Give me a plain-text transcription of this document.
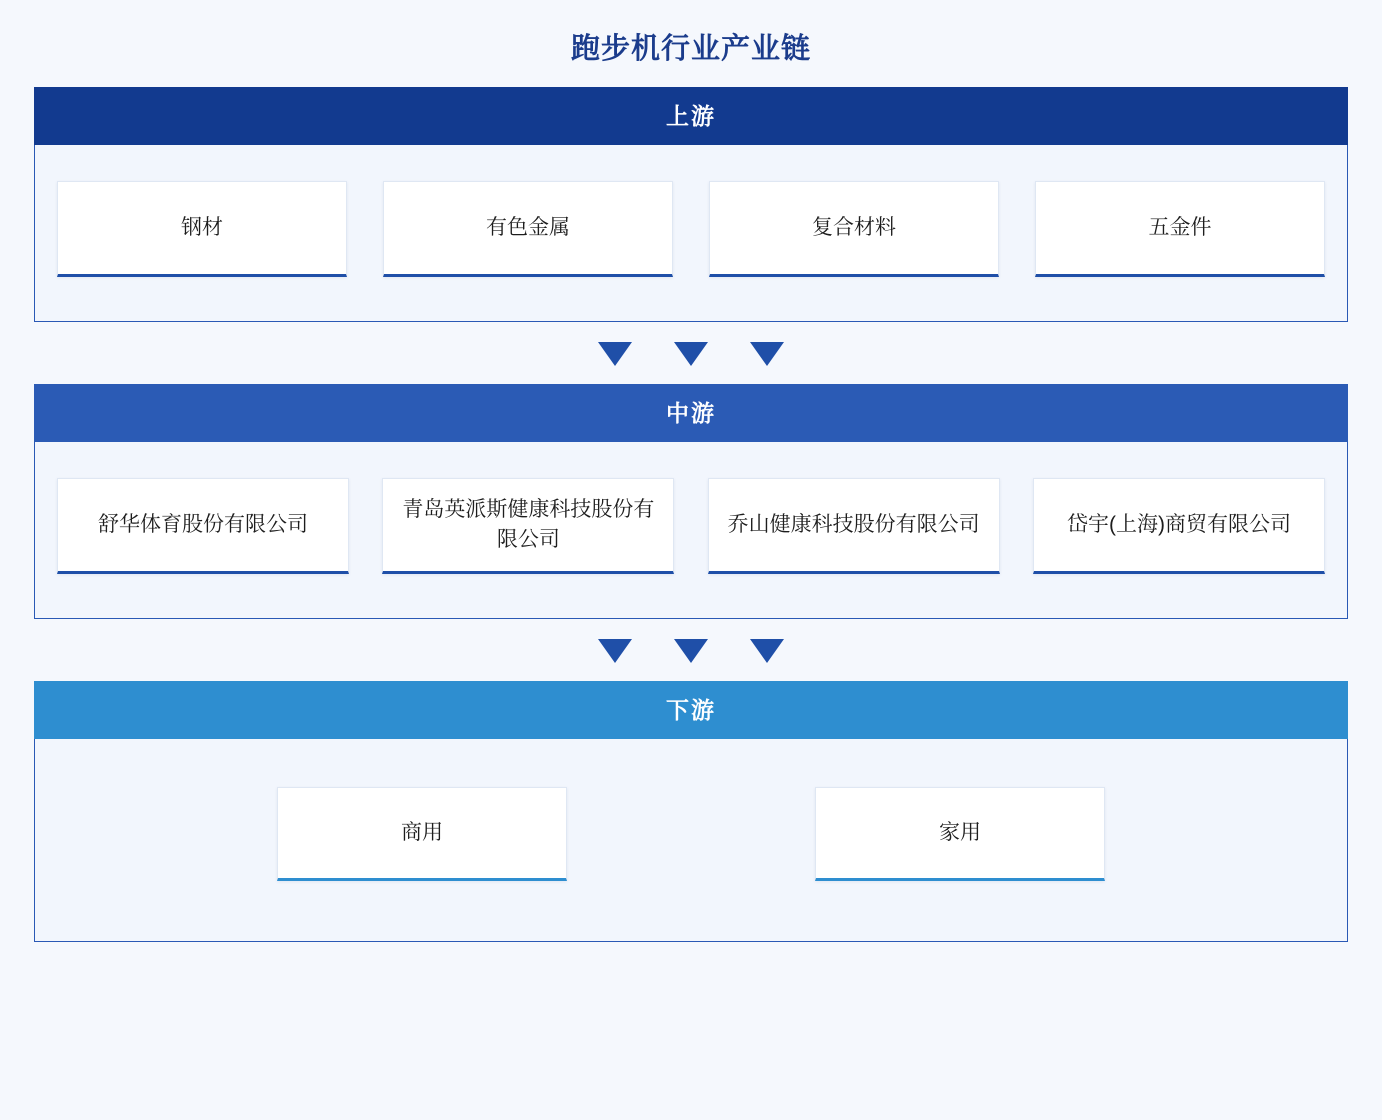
跑步机行业产业链
上游
钢材	有色金属	复合材料	五金件
中游
舒华体育股份有限公司
青岛英派斯健康科技股份有限公司
乔山健康科技股份有限公司	岱宇(上海)商贸有限公司
下游
商用	家用
